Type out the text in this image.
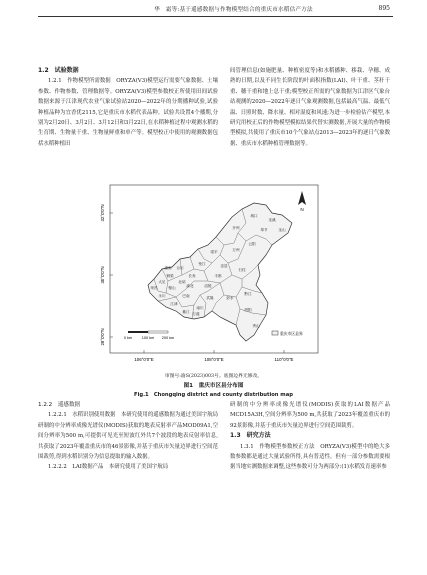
华　霜等:基于遥感数据与作物模型结合的重庆市水稻估产方法	895

1.2　试验数据

1.2.1　作物模型所需数据　ORYZA(V3)模型运行需要气象数据、土壤参数、作物参数、管理数据等。ORYZA(V3)模型参数校正所使用田间试验数据来源于江津现代农业气象试验站2020—2022年的分期播种试验,试验种植品种为宜香优2115,它是重庆市水稻代表品种。试验共设置4个播期,分别为2月20日、3月2日、3月12日和3月22日,在水稻种植过程中观测水稻的生育期、生物量干重、生物量鲜重和单产等。模型校正中使用的观测数据包括水稻种植田

间管理信息(如施肥量、种植密度等)和水稻播种、移栽、孕穗、成熟的日期,以及不同生长阶段的叶面积指数(LAI)、叶干重、茎秆干重、穗干重和地上总干重;模型校正所需的气象数据为江津区气象台站观测的2020—2022年逐日气象观测数据,包括最高气温、最低气温、日照时数、降水量、相对湿度和风速;为进一步检验估产模型,本研究用校正后的作物模型模拟结果代替实测数据,开展大量的作物模型模拟,共使用了重庆市10个气象站点2013—2023年的逐日气象数据、重庆市水稻种植管理数据等。

32°0'0"N
30°0'0"N
28°0'0"N
106°0'0"E	108°0'0"E	110°0'0"E
N
城口
巫溪
巫山
奉节
开州
云阳
万州
梁平
忠县
垫江
丰都
石柱
长寿
涪陵
武隆	彭水
黔江
酉阳
秀山
南川
綦江 万盛
江津
永川
荣昌
大足
铜梁
潼南 合川
璧山
北碚
渝北
巴南
0 km	100 km 200 km
重庆市区县界
审图号:渝S(2023)003号。底图边界无修改。
图1　重庆市区县分布图
Fig.1　Chongqing district and county distribution map

1.2.2　遥感数据

1.2.2.1　水稻识别使用数据　本研究使用的遥感数据为通过美国宇航局研制的中分辨率成像光谱仪(MODIS)获取的地表反射率产品MOD09A1,空间分辨率为500 m,可提供可见光至短波红外共7个波段的地表反射率信息,共获取了2023年覆盖重庆市的46景影像,并基于重庆市矢量边界进行空间范围裁剪,得到水稻识别分为信息提取的输入数据。

1.2.2.2　LAI数据产品　本研究使用了美国宇航局

研制的中分辨率成像光谱仪(MODIS)获取的LAI数据产品MCD15A3H,空间分辨率为500 m,共获取了2023年覆盖重庆市的92景影像,并基于重庆市矢量边界进行空间范围裁剪。

1.3　研究方法

1.3.1　作物模型参数校正方法　ORYZA(V3)模型中的绝大多数参数都是通过大量试验所得,具有普适性。但有一部分参数需要根据当地实测数据来调整,这些参数可分为两部分:(1)水稻发育速率参
